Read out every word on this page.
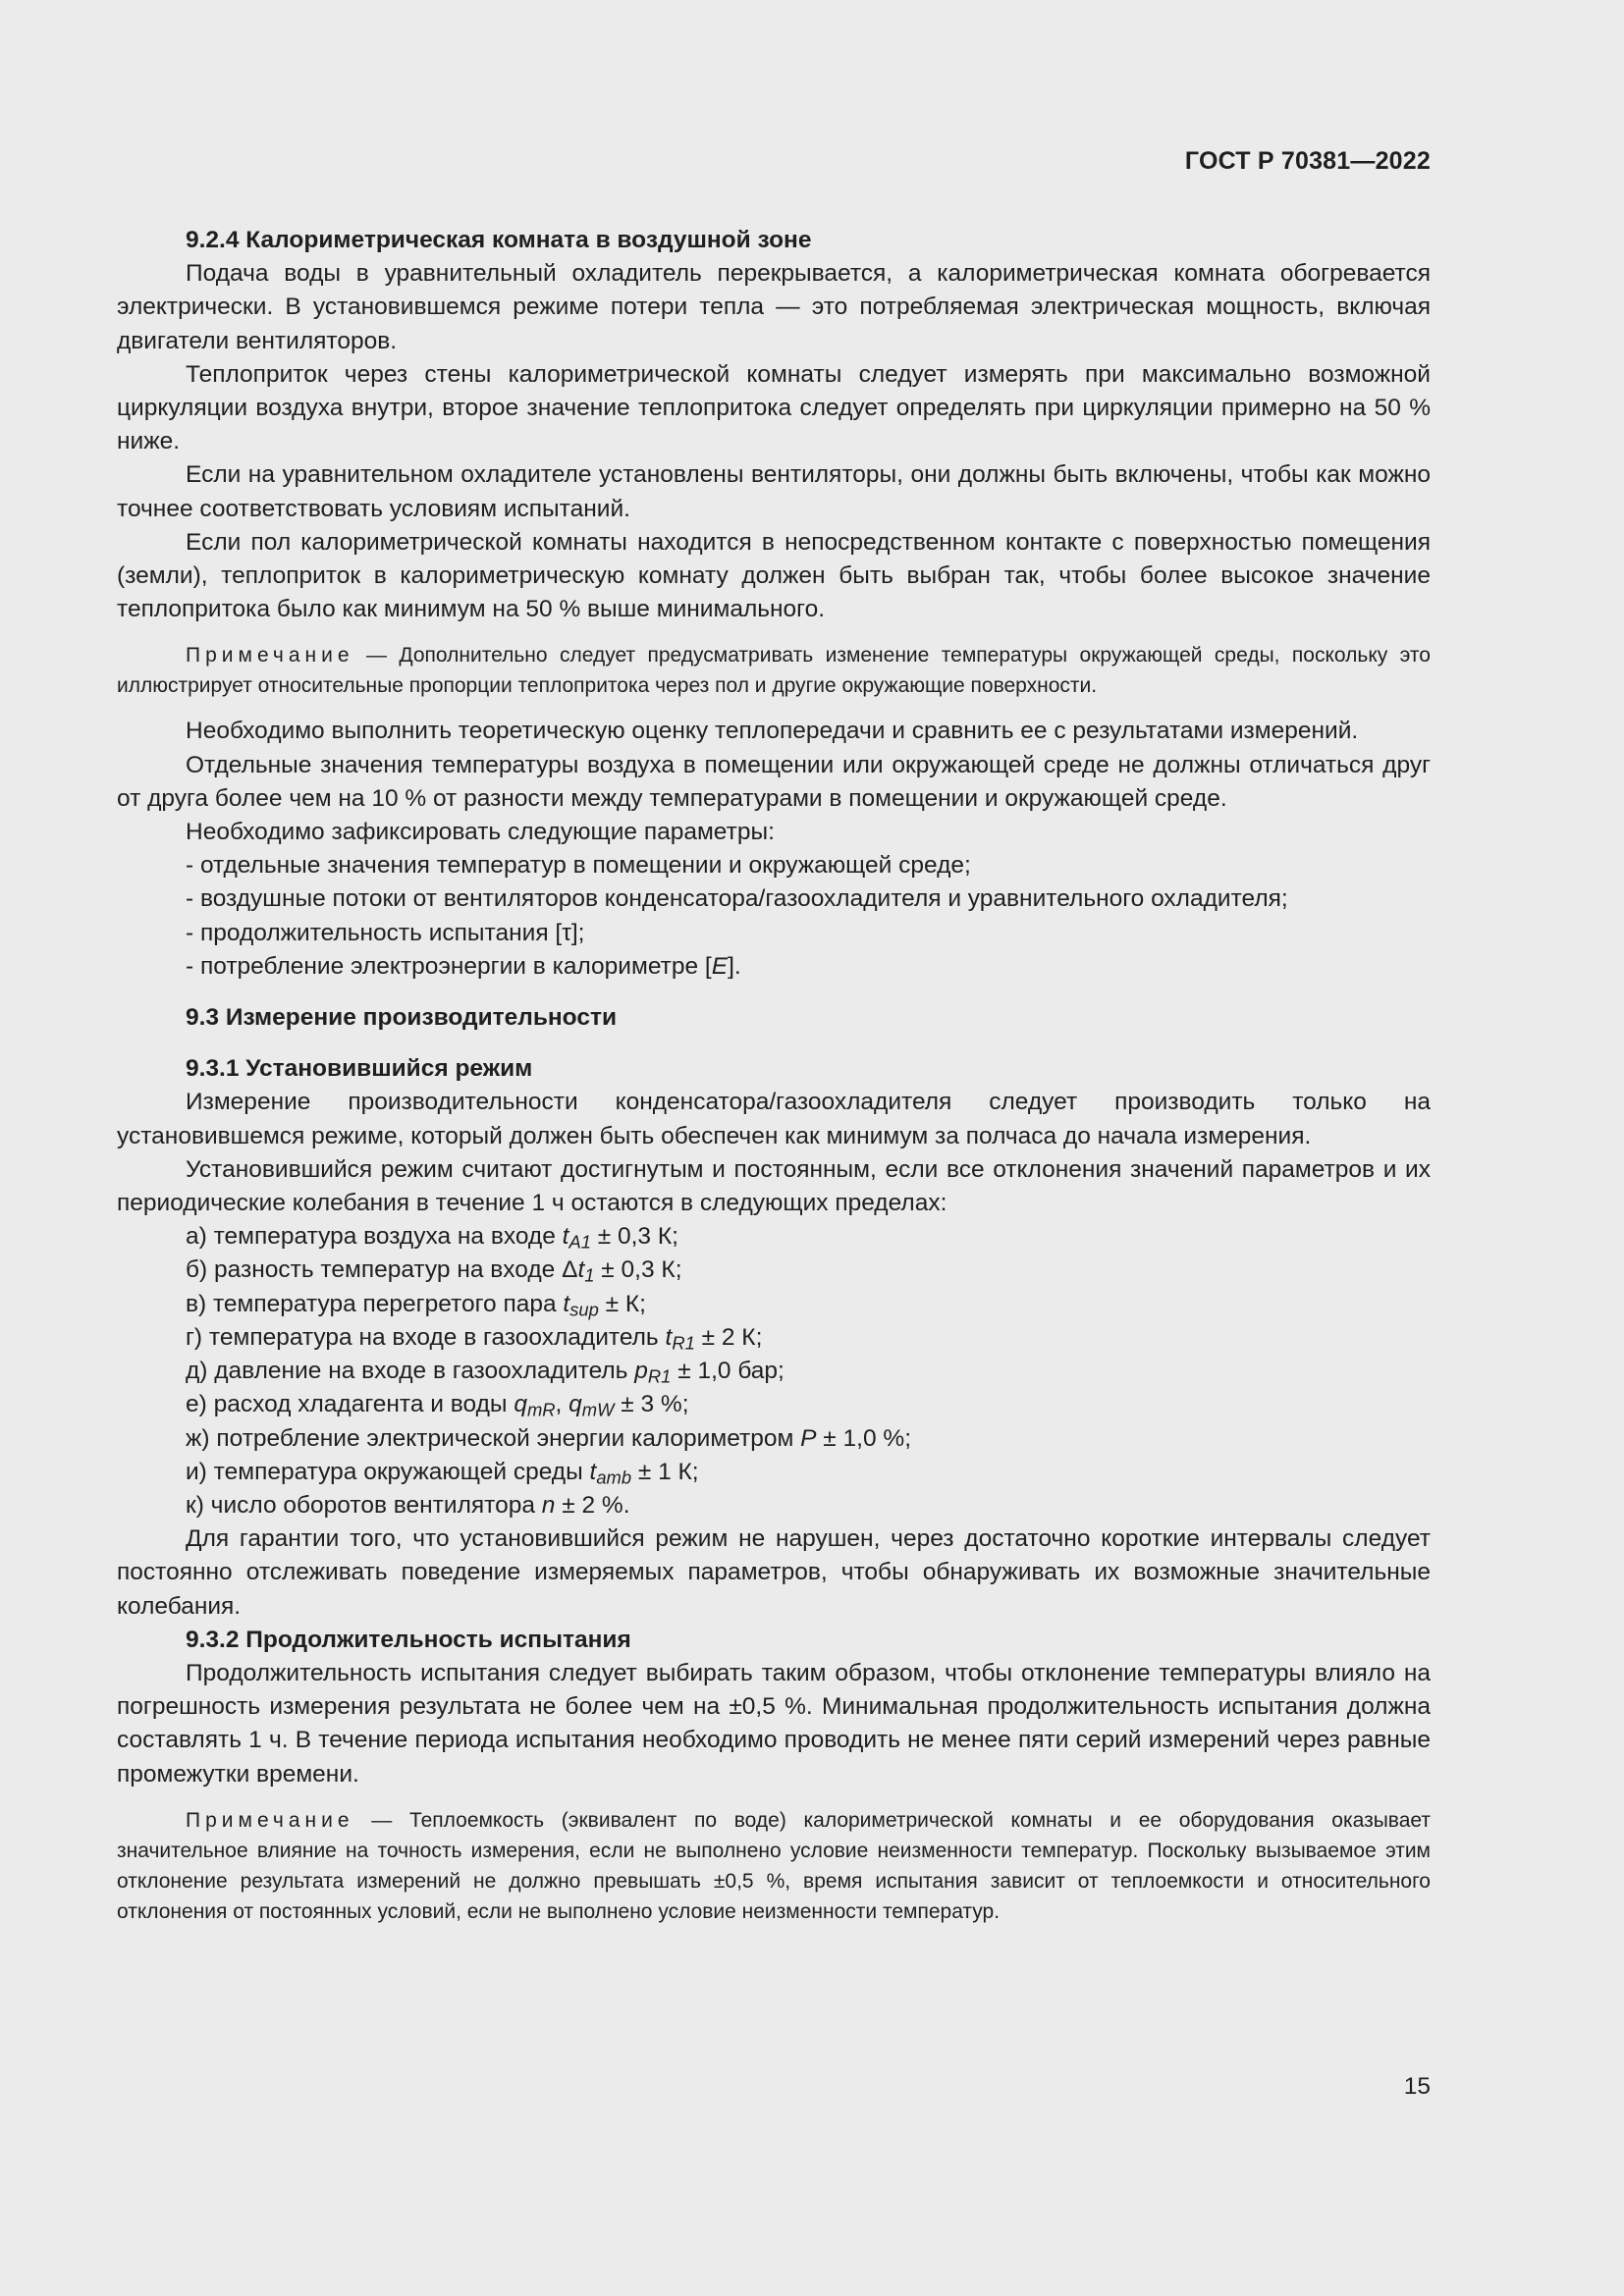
ГОСТ Р 70381—2022
9.2.4 Калориметрическая комната в воздушной зоне

Подача воды в уравнительный охладитель перекрывается, а калориметрическая комната обогревается электрически. В установившемся режиме потери тепла — это потребляемая электрическая мощность, включая двигатели вентиляторов.

Теплоприток через стены калориметрической комнаты следует измерять при максимально возможной циркуляции воздуха внутри, второе значение теплопритока следует определять при циркуляции примерно на 50 % ниже.

Если на уравнительном охладителе установлены вентиляторы, они должны быть включены, чтобы как можно точнее соответствовать условиям испытаний.

Если пол калориметрической комнаты находится в непосредственном контакте с поверхностью помещения (земли), теплоприток в калориметрическую комнату должен быть выбран так, чтобы более высокое значение теплопритока было как минимум на 50 % выше минимального.

Примечание — Дополнительно следует предусматривать изменение температуры окружающей среды, поскольку это иллюстрирует относительные пропорции теплопритока через пол и другие окружающие поверхности.

Необходимо выполнить теоретическую оценку теплопередачи и сравнить ее с результатами измерений.

Отдельные значения температуры воздуха в помещении или окружающей среде не должны отличаться друг от друга более чем на 10 % от разности между температурами в помещении и окружающей среде.

Необходимо зафиксировать следующие параметры:

- отдельные значения температур в помещении и окружающей среде;

- воздушные потоки от вентиляторов конденсатора/газоохладителя и уравнительного охладителя;

- продолжительность испытания [τ];

- потребление электроэнергии в калориметре [E].

9.3 Измерение производительности
9.3.1 Установившийся режим

Измерение производительности конденсатора/газоохладителя следует производить только на установившемся режиме, который должен быть обеспечен как минимум за полчаса до начала измерения.

Установившийся режим считают достигнутым и постоянным, если все отклонения значений параметров и их периодические колебания в течение 1 ч остаются в следующих пределах:

а) температура воздуха на входе $t_{A1} \pm 0,3$ К;

б) разность температур на входе $\Delta t_1 \pm 0,3$ К;

в) температура перегретого пара $t_{sup} \pm К$;

г) температура на входе в газоохладитель $t_{R1} \pm 2$ К;

д) давление на входе в газоохладитель $p_{R1} \pm 1,0$ бар;

е) расход хладагента и воды $q_{mR}$, $q_{mW} \pm 3$ %;

ж) потребление электрической энергии калориметром P ± 1,0 %;

и) температура окружающей среды $t_{amb} \pm 1$ К;

к) число оборотов вентилятора n ± 2 %.

Для гарантии того, что установившийся режим не нарушен, через достаточно короткие интервалы следует постоянно отслеживать поведение измеряемых параметров, чтобы обнаруживать их возможные значительные колебания.

9.3.2 Продолжительность испытания

Продолжительность испытания следует выбирать таким образом, чтобы отклонение температуры влияло на погрешность измерения результата не более чем на ±0,5 %. Минимальная продолжительность испытания должна составлять 1 ч. В течение периода испытания необходимо проводить не менее пяти серий измерений через равные промежутки времени.

Примечание — Теплоемкость (эквивалент по воде) калориметрической комнаты и ее оборудования оказывает значительное влияние на точность измерения, если не выполнено условие неизменности температур. Поскольку вызываемое этим отклонение результата измерений не должно превышать ±0,5 %, время испытания зависит от теплоемкости и относительного отклонения от постоянных условий, если не выполнено условие неизменности температур.

15
